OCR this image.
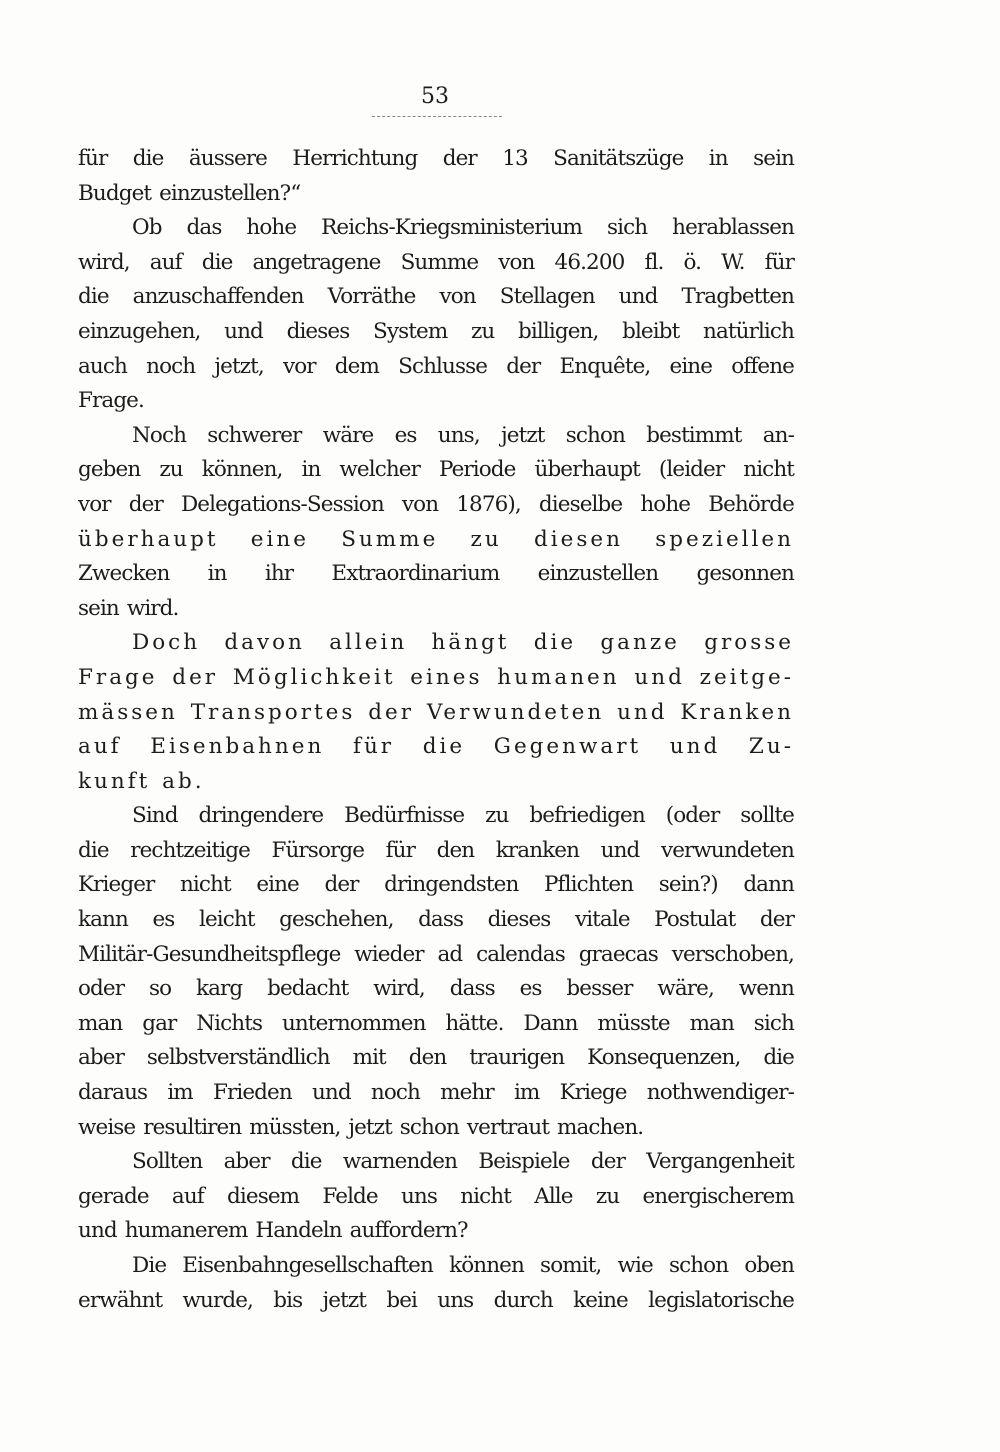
53

für die äussere Herrichtung der 13 Sanitätszüge in sein
Budget einzustellen?“

Ob das hohe Reichs-Kriegsministerium sich herablassen
wird, auf die angetragene Summe von 46.200 fl. ö. W. für
die anzuschaffenden Vorräthe von Stellagen und Tragbetten
einzugehen, und dieses System zu billigen, bleibt natürlich
auch noch jetzt, vor dem Schlusse der Enquête, eine offene
Frage.

Noch schwerer wäre es uns, jetzt schon bestimmt an-
geben zu können, in welcher Periode überhaupt (leider nicht
vor der Delegations-Session von 1876), dieselbe hohe Behörde
überhaupt eine Summe zu diesen speziellen
Zwecken in ihr Extraordinarium einzustellen gesonnen
sein wird.

Doch davon allein hängt die ganze grosse
Frage der Möglichkeit eines humanen und zeitge-
mässen Transportes der Verwundeten und Kranken
auf Eisenbahnen für die Gegenwart und Zu-
kunft ab.

Sind dringendere Bedürfnisse zu befriedigen (oder sollte
die rechtzeitige Fürsorge für den kranken und verwundeten
Krieger nicht eine der dringendsten Pflichten sein?) dann
kann es leicht geschehen, dass dieses vitale Postulat der
Militär-Gesundheitspflege wieder ad calendas graecas verschoben,
oder so karg bedacht wird, dass es besser wäre, wenn
man gar Nichts unternommen hätte. Dann müsste man sich
aber selbstverständlich mit den traurigen Konsequenzen, die
daraus im Frieden und noch mehr im Kriege nothwendiger-
weise resultiren müssten, jetzt schon vertraut machen.

Sollten aber die warnenden Beispiele der Vergangenheit
gerade auf diesem Felde uns nicht Alle zu energischerem
und humanerem Handeln auffordern?

Die Eisenbahngesellschaften können somit, wie schon oben
erwähnt wurde, bis jetzt bei uns durch keine legislatorische
